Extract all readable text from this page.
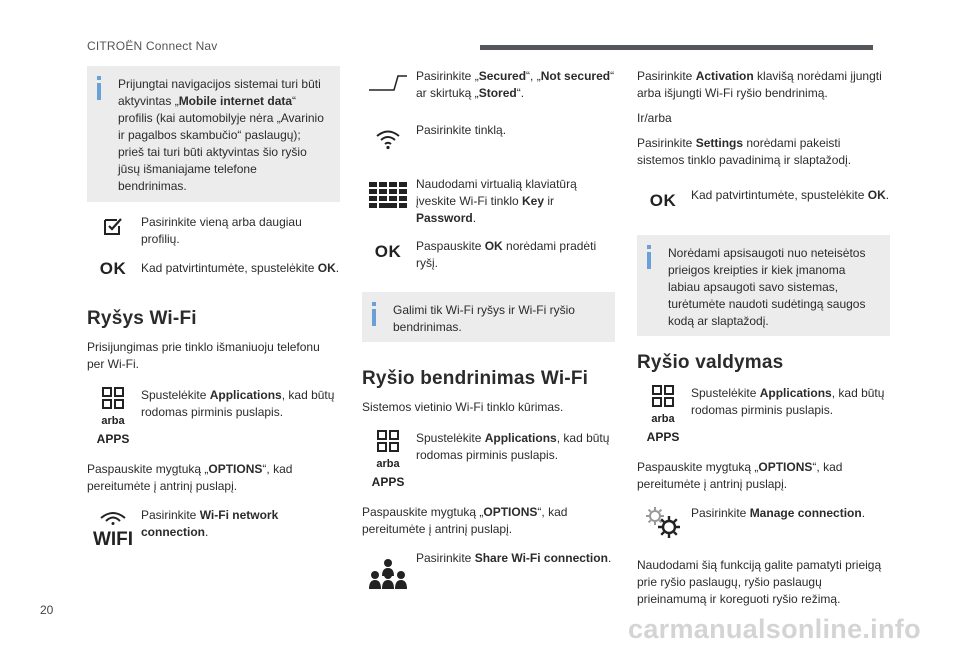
CITROËN Connect Nav
20
carmanualsonline.info

Prijungtai navigacijos sistemai turi būti aktyvintas „Mobile internet data“ profilis (kai automobilyje nėra „Avarinio ir pagalbos skambučio“ paslaugų); prieš tai turi būti aktyvintas šio ryšio jūsų išmaniajame telefone bendrinimas.

Pasirinkite vieną arba daugiau profilių.

OK	Kad patvirtintumėte, spustelėkite OK.

Ryšys Wi-Fi

Prisijungimas prie tinklo išmaniuoju telefonu per Wi-Fi.

arba
APPS

Spustelėkite Applications, kad būtų rodomas pirminis puslapis.

Paspauskite mygtuką „OPTIONS“, kad pereitumėte į antrinį puslapį.

WIFI

Pasirinkite Wi-Fi network connection.

Pasirinkite „Secured“, „Not secured“ ar skirtuką „Stored“.

Pasirinkite tinklą.

Naudodami virtualią klaviatūrą įveskite Wi-Fi tinklo Key ir Password.

OK	Paspauskite OK norėdami pradėti ryšį.

Galimi tik Wi-Fi ryšys ir Wi-Fi ryšio bendrinimas.

Ryšio bendrinimas Wi-Fi

Sistemos vietinio Wi-Fi tinklo kūrimas.

arba
APPS

Spustelėkite Applications, kad būtų rodomas pirminis puslapis.

Paspauskite mygtuką „OPTIONS“, kad pereitumėte į antrinį puslapį.

Pasirinkite Share Wi-Fi connection.

Pasirinkite Activation klavišą norėdami įjungti arba išjungti Wi-Fi ryšio bendrinimą.

Ir/arba

Pasirinkite Settings norėdami pakeisti sistemos tinklo pavadinimą ir slaptažodį.

OK	Kad patvirtintumėte, spustelėkite OK.

Norėdami apsisaugoti nuo neteisėtos prieigos kreipties ir kiek įmanoma labiau apsaugoti savo sistemas, turėtumėte naudoti sudėtingą saugos kodą ar slaptažodį.

Ryšio valdymas
arba
APPS

Spustelėkite Applications, kad būtų rodomas pirminis puslapis.

Paspauskite mygtuką „OPTIONS“, kad pereitumėte į antrinį puslapį.

Pasirinkite Manage connection.

Naudodami šią funkciją galite pamatyti prieigą prie ryšio paslaugų, ryšio paslaugų prieinamumą ir koreguoti ryšio režimą.
